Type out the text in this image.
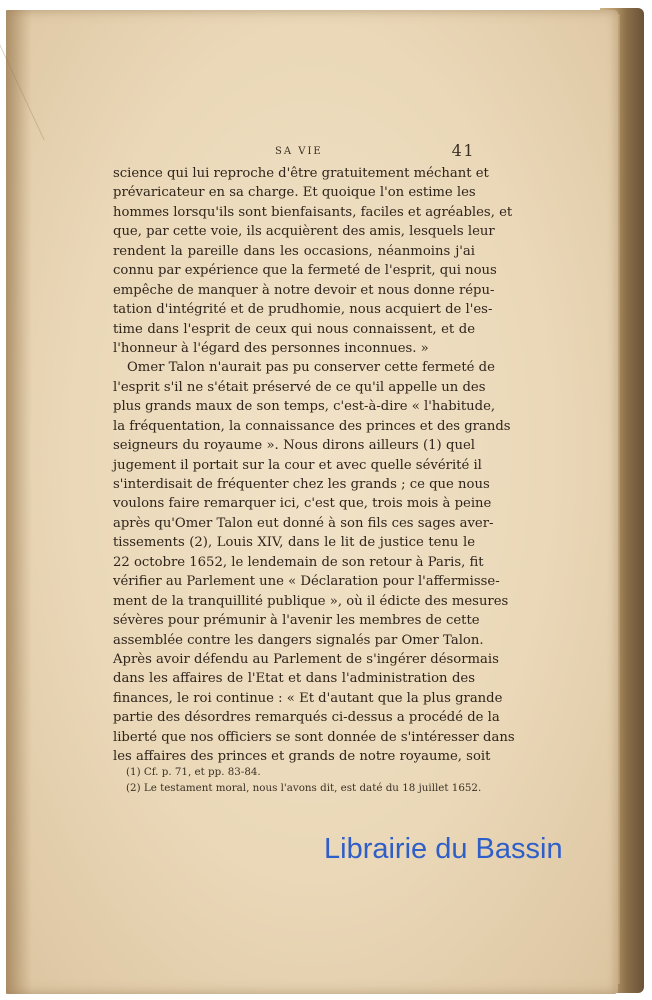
SA VIE	41
science qui lui reproche d'être gratuitement méchant et
prévaricateur en sa charge. Et quoique l'on estime les
hommes lorsqu'ils sont bienfaisants, faciles et agréables, et
que, par cette voie, ils acquièrent des amis, lesquels leur
rendent la pareille dans les occasions, néanmoins j'ai
connu par expérience que la fermeté de l'esprit, qui nous
empêche de manquer à notre devoir et nous donne répu-
tation d'intégrité et de prudhomie, nous acquiert de l'es-
time dans l'esprit de ceux qui nous connaissent, et de
l'honneur à l'égard des personnes inconnues. »
Omer Talon n'aurait pas pu conserver cette fermeté de
l'esprit s'il ne s'était préservé de ce qu'il appelle un des
plus grands maux de son temps, c'est-à-dire « l'habitude,
la fréquentation, la connaissance des princes et des grands
seigneurs du royaume ». Nous dirons ailleurs (1) quel
jugement il portait sur la cour et avec quelle sévérité il
s'interdisait de fréquenter chez les grands ; ce que nous
voulons faire remarquer ici, c'est que, trois mois à peine
après qu'Omer Talon eut donné à son fils ces sages aver-
tissements (2), Louis XIV, dans le lit de justice tenu le
22 octobre 1652, le lendemain de son retour à Paris, fit
vérifier au Parlement une « Déclaration pour l'affermisse-
ment de la tranquillité publique », où il édicte des mesures
sévères pour prémunir à l'avenir les membres de cette
assemblée contre les dangers signalés par Omer Talon.
Après avoir défendu au Parlement de s'ingérer désormais
dans les affaires de l'Etat et dans l'administration des
finances, le roi continue : « Et d'autant que la plus grande
partie des désordres remarqués ci-dessus a procédé de la
liberté que nos officiers se sont donnée de s'intéresser dans
les affaires des princes et grands de notre royaume, soit
(1) Cf. p. 71, et pp. 83-84.
(2) Le testament moral, nous l'avons dit, est daté du 18 juillet 1652.
Librairie du Bassin
